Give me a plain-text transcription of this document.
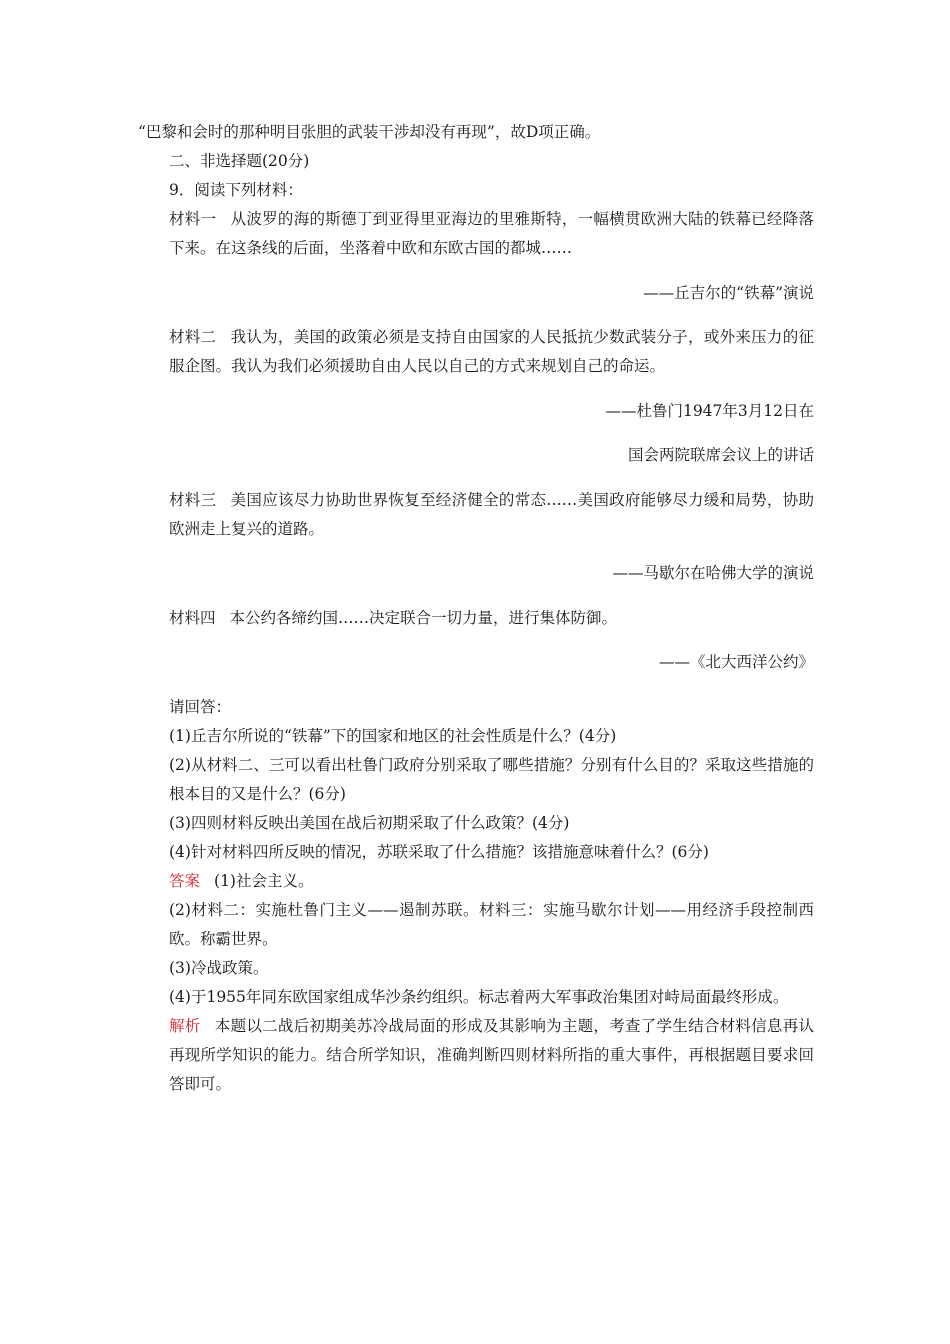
“巴黎和会时的那种明目张胆的武装干涉却没有再现”，故D项正确。

二、非选择题(20分)

9．阅读下列材料：

材料一 从波罗的海的斯德丁到亚得里亚海边的里雅斯特，一幅横贯欧洲大陆的铁幕已经降落下来。在这条线的后面，坐落着中欧和东欧古国的都城……

——丘吉尔的“铁幕”演说

材料二 我认为，美国的政策必须是支持自由国家的人民抵抗少数武装分子，或外来压力的征服企图。我认为我们必须援助自由人民以自己的方式来规划自己的命运。

——杜鲁门1947年3月12日在

国会两院联席会议上的讲话

材料三 美国应该尽力协助世界恢复至经济健全的常态……美国政府能够尽力缓和局势，协助欧洲走上复兴的道路。

——马歇尔在哈佛大学的演说

材料四 本公约各缔约国……决定联合一切力量，进行集体防御。

——《北大西洋公约》

请回答：

(1)丘吉尔所说的“铁幕”下的国家和地区的社会性质是什么？(4分)

(2)从材料二、三可以看出杜鲁门政府分别采取了哪些措施？分别有什么目的？采取这些措施的根本目的又是什么？(6分)

(3)四则材料反映出美国在战后初期采取了什么政策？(4分)

(4)针对材料四所反映的情况，苏联采取了什么措施？该措施意味着什么？(6分)

答案 (1)社会主义。

(2)材料二：实施杜鲁门主义——遏制苏联。材料三：实施马歇尔计划——用经济手段控制西欧。称霸世界。

(3)冷战政策。

(4)于1955年同东欧国家组成华沙条约组织。标志着两大军事政治集团对峙局面最终形成。

解析 本题以二战后初期美苏冷战局面的形成及其影响为主题，考查了学生结合材料信息再认再现所学知识的能力。结合所学知识，准确判断四则材料所指的重大事件，再根据题目要求回答即可。
